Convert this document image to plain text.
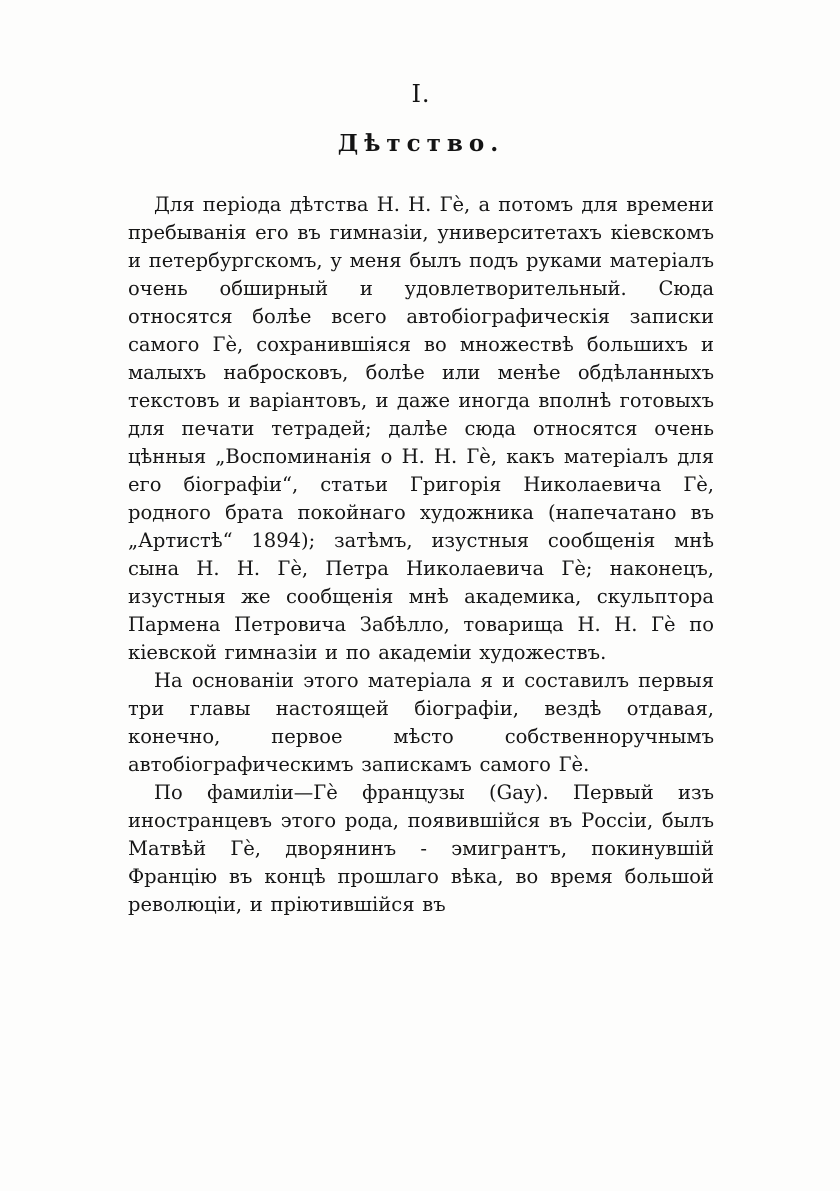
I.
Дѣтство.

Для періода дѣтства Н. Н. Гè, а потомъ для времени пребыванія его въ гимназіи, университетахъ кіевскомъ и петербургскомъ, у меня былъ подъ руками матеріалъ очень обширный и удовлетворительный. Сюда относятся болѣе всего автобіографическія записки самого Гè, сохранившіяся во множествѣ большихъ и малыхъ набросковъ, болѣе или менѣе обдѣланныхъ текстовъ и варіантовъ, и даже иногда вполнѣ готовыхъ для печати тетрадей; далѣе сюда относятся очень цѣнныя „Воспоминанія о Н. Н. Гè, какъ матеріалъ для его біографіи“, статьи Григорія Николаевича Гè, родного брата покойнаго художника (напечатано въ „Артистѣ“ 1894); затѣмъ, изустныя сообщенія мнѣ сына Н. Н. Гè, Петра Николаевича Гè; наконецъ, изустныя же сообщенія мнѣ академика, скульптора Пармена Петровича Забѣлло, товарища Н. Н. Гè по кіевской гимназіи и по академіи художествъ.

На основаніи этого матеріала я и составилъ первыя три главы настоящей біографіи, вездѣ отдавая, конечно, первое мѣсто собственноручнымъ автобіографическимъ запискамъ самого Гè.

По фамиліи—Гè французы (Gay). Первый изъ иностранцевъ этого рода, появившійся въ Россіи, былъ Матвѣй Гè, дворянинъ - эмигрантъ, покинувшій Францію въ концѣ прошлаго вѣка, во время большой революціи, и пріютившійся въ
